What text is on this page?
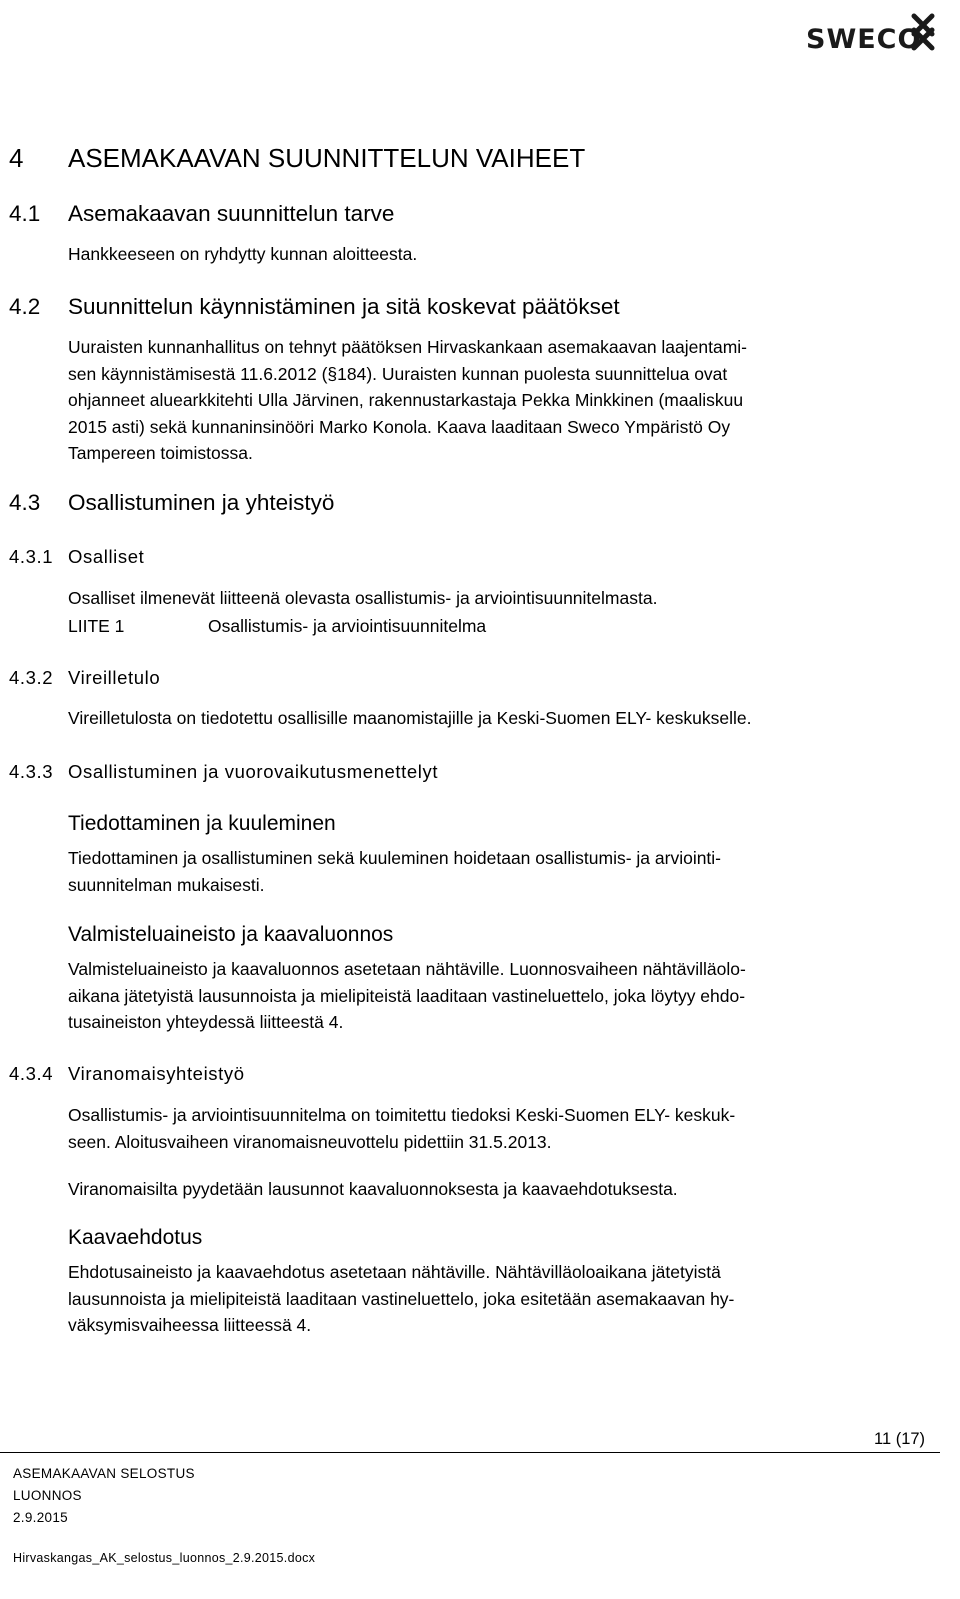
SWECO
4 ASEMAKAAVAN SUUNNITTELUN VAIHEET
4.1 Asemakaavan suunnittelun tarve
Hankkeeseen on ryhdytty kunnan aloitteesta.
4.2 Suunnittelun käynnistäminen ja sitä koskevat päätökset
Uuraisten kunnanhallitus on tehnyt päätöksen Hirvaskankaan asemakaavan laajentami-
sen käynnistämisestä 11.6.2012 (§184). Uuraisten kunnan puolesta suunnittelua ovat
ohjanneet aluearkkitehti Ulla Järvinen, rakennustarkastaja Pekka Minkkinen (maaliskuu
2015 asti) sekä kunnaninsinööri Marko Konola. Kaava laaditaan Sweco Ympäristö Oy
Tampereen toimistossa.
4.3 Osallistuminen ja yhteistyö
4.3.1 Osalliset
Osalliset ilmenevät liitteenä olevasta osallistumis- ja arviointisuunnitelmasta.
LIITE 1	Osallistumis- ja arviointisuunnitelma
4.3.2 Vireilletulo
Vireilletulosta on tiedotettu osallisille maanomistajille ja Keski-Suomen ELY- keskukselle.
4.3.3 Osallistuminen ja vuorovaikutusmenettelyt
Tiedottaminen ja kuuleminen
Tiedottaminen ja osallistuminen sekä kuuleminen hoidetaan osallistumis- ja arviointi-
suunnitelman mukaisesti.
Valmisteluaineisto ja kaavaluonnos
Valmisteluaineisto ja kaavaluonnos asetetaan nähtäville. Luonnosvaiheen nähtävilläolo-
aikana jätetyistä lausunnoista ja mielipiteistä laaditaan vastineluettelo, joka löytyy ehdo-
tusaineiston yhteydessä liitteestä 4.
4.3.4 Viranomaisyhteistyö
Osallistumis- ja arviointisuunnitelma on toimitettu tiedoksi Keski-Suomen ELY- keskuk-
seen. Aloitusvaiheen viranomaisneuvottelu pidettiin 31.5.2013.
Viranomaisilta pyydetään lausunnot kaavaluonnoksesta ja kaavaehdotuksesta.
Kaavaehdotus
Ehdotusaineisto ja kaavaehdotus asetetaan nähtäville. Nähtävilläoloaikana jätetyistä
lausunnoista ja mielipiteistä laaditaan vastineluettelo, joka esitetään asemakaavan hy-
väksymisvaiheessa liitteessä 4.
11 (17)
ASEMAKAAVAN SELOSTUS
LUONNOS
2.9.2015
Hirvaskangas_AK_selostus_luonnos_2.9.2015.docx
